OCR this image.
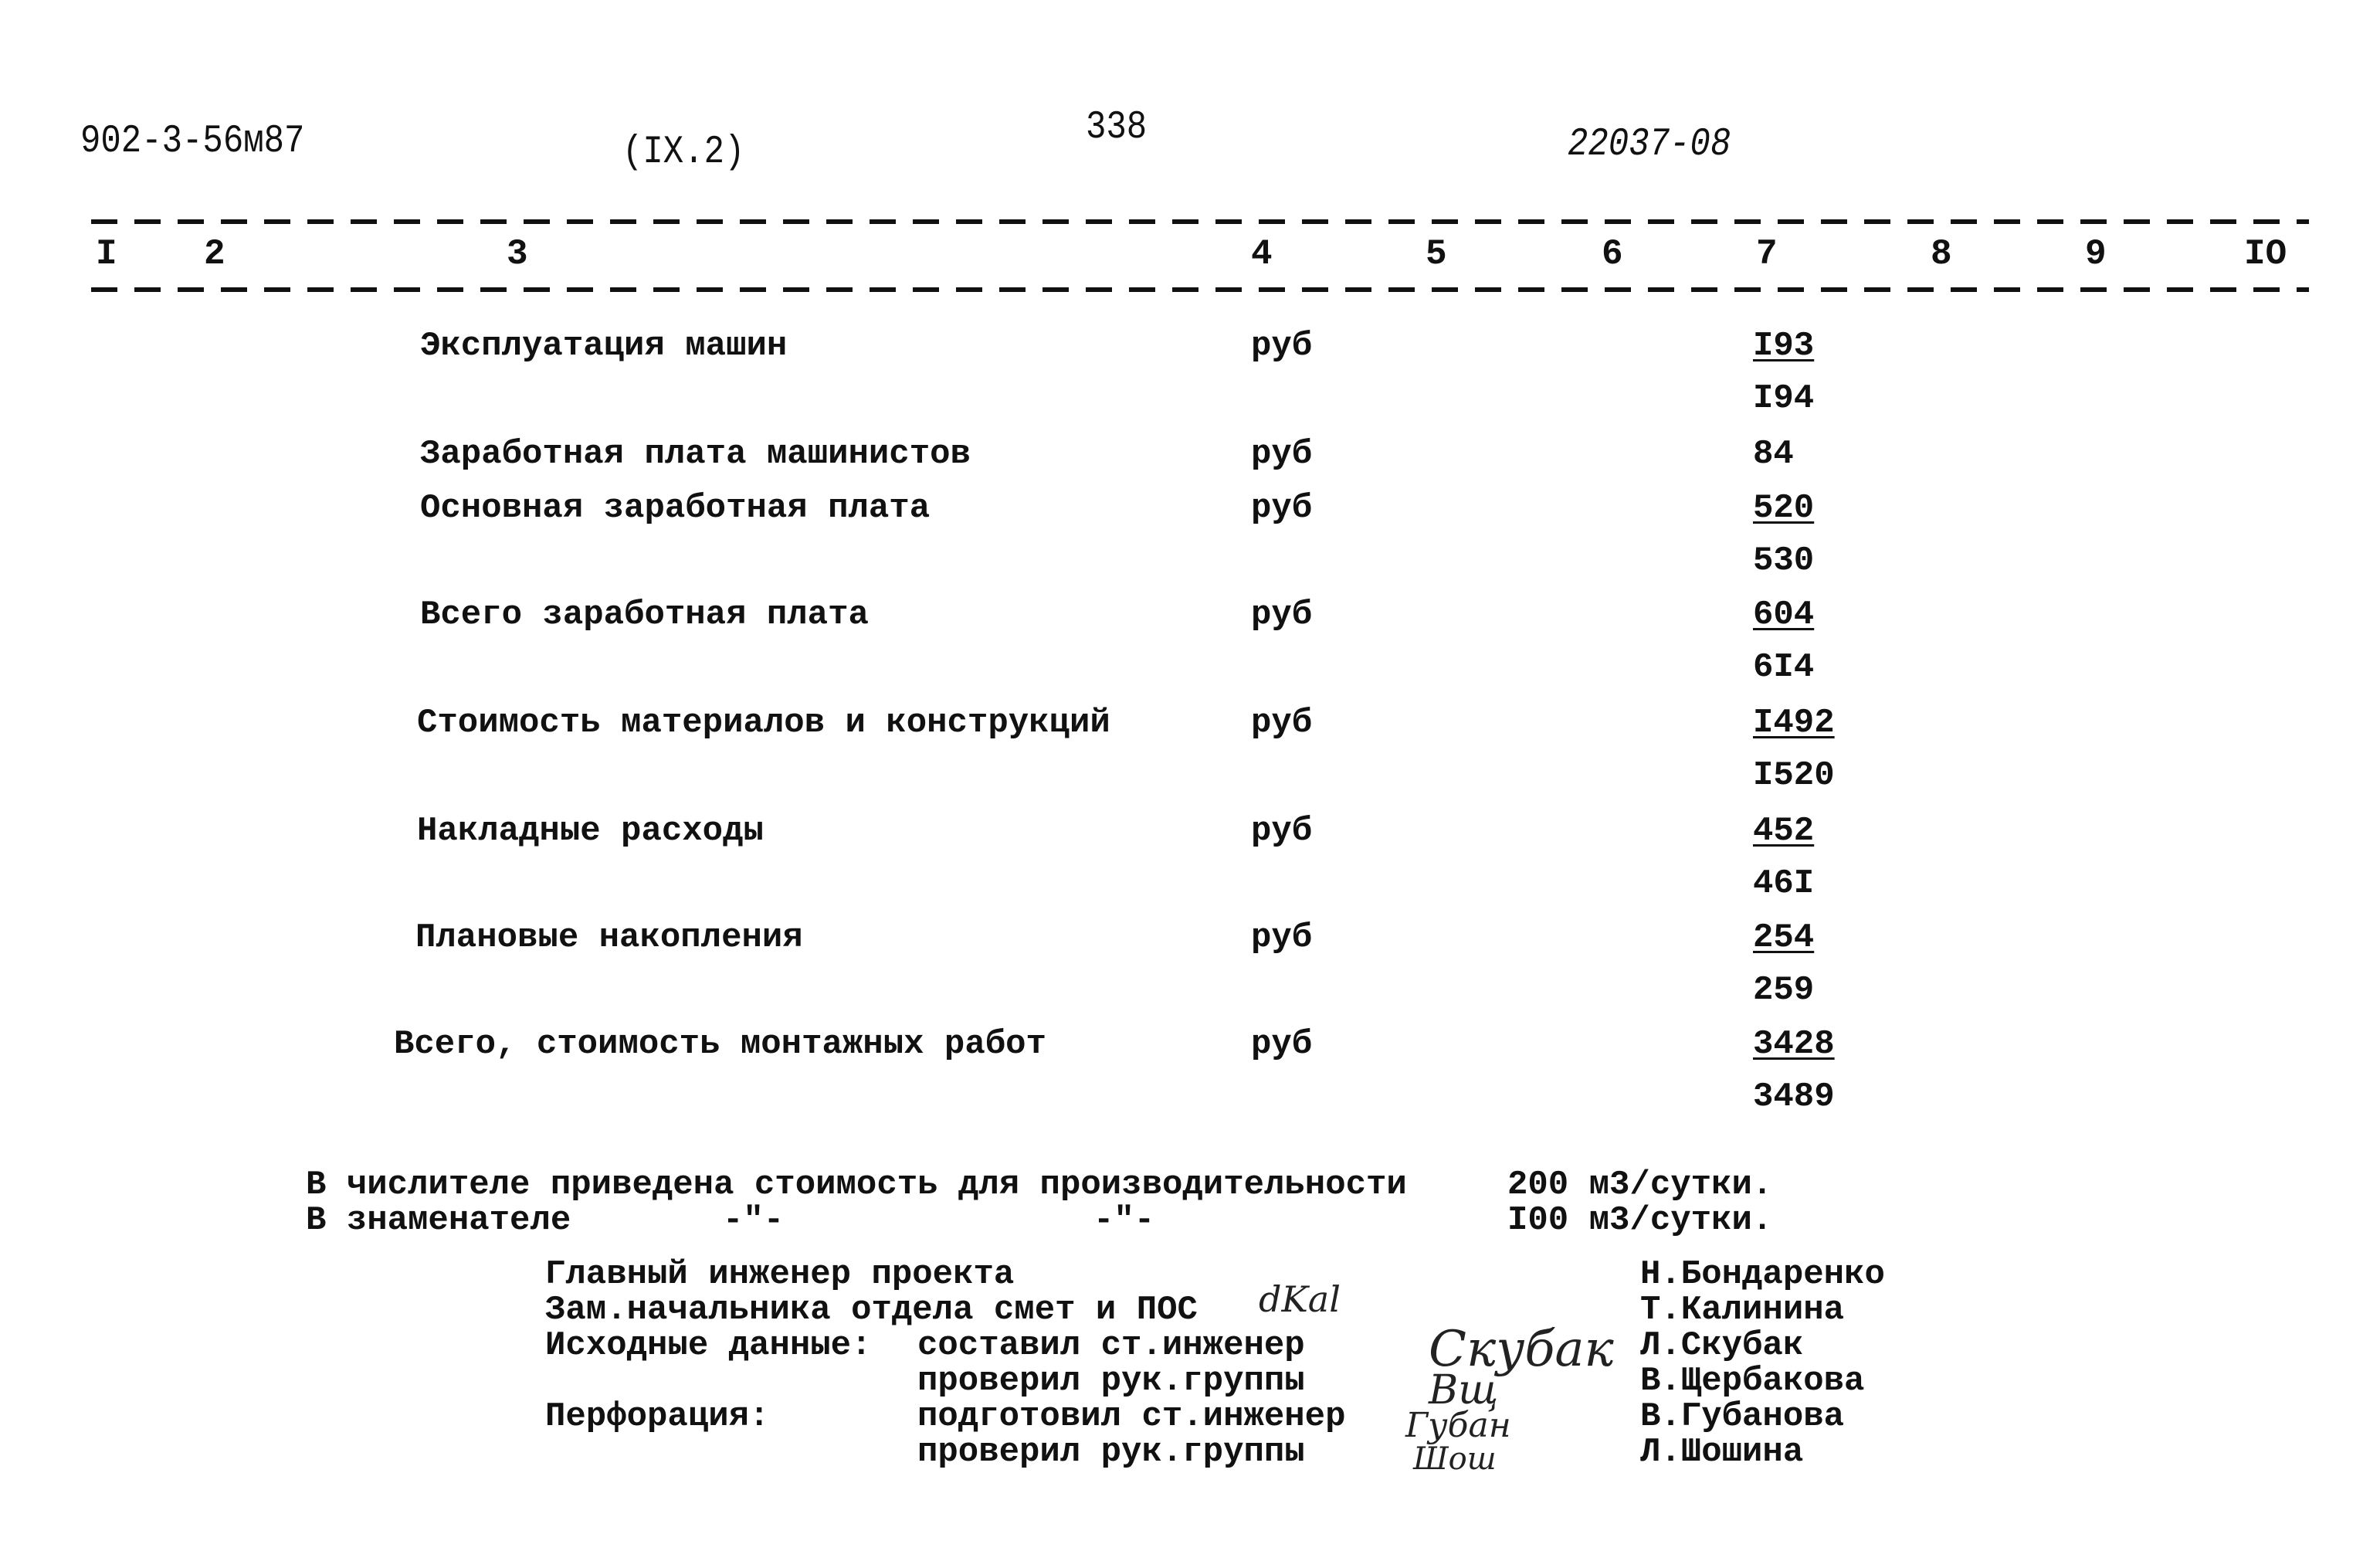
902-3-56м87	(IX.2)
338	22037-08
I 2	3	4	5	6	7	8	9	IO
Эксплуатация машин	руб	I93
I94
Заработная плата машинистов	руб	84
Основная заработная плата	руб	520
530
Всего заработная плата	руб	604
6I4
Стоимость материалов и конструкций	руб	I492
I520
Накладные расходы	руб	452
46I
Плановые накопления	руб	254
259
Всего, стоимость монтажных работ	руб	3428
3489
В числителе приведена стоимость для производительности	200 м3/сутки.
В знаменателе	-"-	-"-	I00 м3/сутки.
Главный инженер проекта	Н.Бондаренко
Зам.начальника отдела смет и ПОС	Т.Калинина
Исходные данные: составил ст.инженер	Л.Скубак
проверил рук.группы	В.Щербакова
Перфорация:	подготовил ст.инженер	В.Губанова
проверил рук.группы	Л.Шошина
dKal
Скубак
Вщ
Губан
Шош
